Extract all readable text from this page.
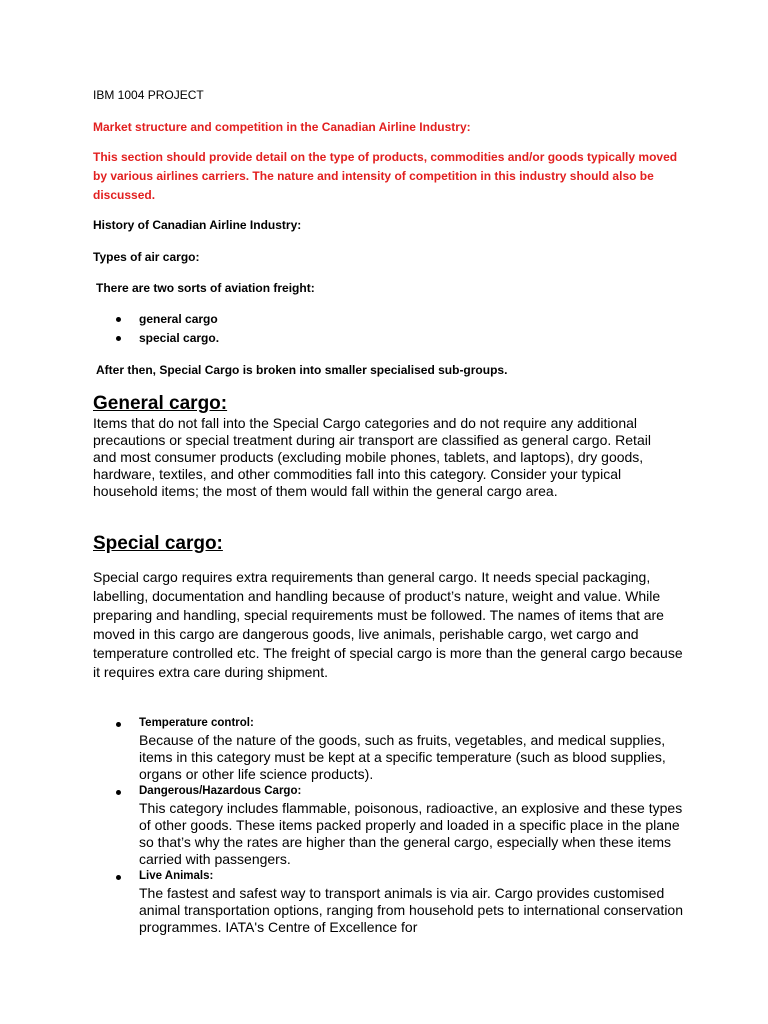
IBM 1004 PROJECT

Market structure and competition in the Canadian Airline Industry:

This section should provide detail on the type of products, commodities and/or goods typically moved by various airlines carriers. The nature and intensity of competition in this industry should also be discussed.

History of Canadian Airline Industry:

Types of air cargo:

There are two sorts of aviation freight:

general cargo
special cargo.

After then, Special Cargo is broken into smaller specialised sub-groups.

General cargo:

Items that do not fall into the Special Cargo categories and do not require any additional precautions or special treatment during air transport are classified as general cargo. Retail and most consumer products (excluding mobile phones, tablets, and laptops), dry goods, hardware, textiles, and other commodities fall into this category. Consider your typical household items; the most of them would fall within the general cargo area.

Special cargo:

Special cargo requires extra requirements than general cargo. It needs special packaging, labelling, documentation and handling because of product’s nature, weight and value. While preparing and handling, special requirements must be followed. The names of items that are moved in this cargo are dangerous goods, live animals, perishable cargo, wet cargo and temperature controlled etc. The freight of special cargo is more than the general cargo because it requires extra care during shipment.

Temperature control:
Because of the nature of the goods, such as fruits, vegetables, and medical supplies, items in this category must be kept at a specific temperature (such as blood supplies, organs or other life science products).
Dangerous/Hazardous Cargo:
This category includes flammable, poisonous, radioactive, an explosive and these types of other goods. These items packed properly and loaded in a specific place in the plane so that’s why the rates are higher than the general cargo, especially when these items carried with passengers.
Live Animals:
The fastest and safest way to transport animals is via air. Cargo provides customised animal transportation options, ranging from household pets to international conservation programmes. IATA's Centre of Excellence for
